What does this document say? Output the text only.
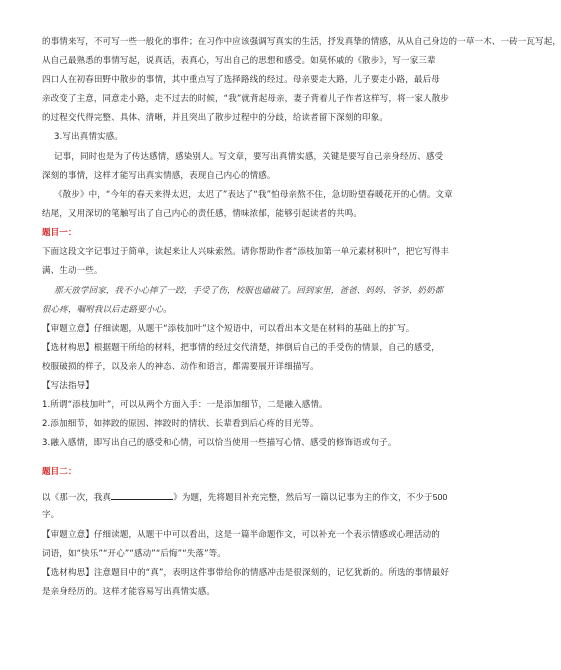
的事情来写，不可写一些一般化的事件；在习作中应该强调写真实的生活，抒发真挚的情感，从从自己身边的一草一木、一砖一瓦写起，
从自己最熟悉的事情写起，说真话，表真心，写出自己的思想和感受。如莫怀戚的《散步》，写一家三辈
四口人在初春田野中散步的事情，其中重点写了选择路线的经过。母亲要走大路，儿子要走小路，最后母
亲改变了主意，同意走小路，走不过去的时候，“我”就背起母亲，妻子背着儿子作者这样写，将一家人散步
的过程交代得完整、具体、清晰，并且突出了散步过程中的分歧，给读者留下深刻的印象。
3.写出真情实感。
记事，同时也是为了传达感情，感染别人。写文章，要写出真情实感，关键是要写自己亲身经历、感受
深刻的事情，这样才能写出真实情感，表现自己内心的情感。
《散步》中，“今年的春天来得太迟，太迟了”表达了“我”怕母亲熬不住，急切盼望春暖花开的心情。文章
结尾，又用深切的笔触写出了自己内心的责任感，情味浓郁，能够引起读者的共鸣。
题目一：
下面这段文字记事过于简单，读起来让人兴味索然。请你帮助作者“添枝加第一单元素材积叶”，把它写得丰
满、生动一些。
那天放学回家，我不小心摔了一跤，手受了伤，校服也磕破了。回到家里，爸爸、妈妈、爷爷、奶奶都
很心疼，嘱咐我以后走路要小心。
【审题立意】仔细读题，从题干“添枝加叶”这个短语中，可以看出本文是在材料的基础上的扩写。
【选材构思】根据题干所给的材料，把事情的经过交代清楚，摔倒后自己的手受伤的情景，自己的感受，
校服破损的样子，以及亲人的神态、动作和语言，都需要展开详细描写。
【写法指导】
1.所谓“添枝加叶”，可以从两个方面入手：一是添加细节，二是融入感情。
2.添加细节，如摔跤的原因、摔跤时的情状、长辈看到后心疼的目光等。
3.融入感情，即写出自己的感受和心情，可以恰当使用一些描写心情、感受的修饰语或句子。
题目二：
以《那一次，我真	》为题，先将题目补充完整，然后写一篇以记事为主的作文，不少于500
字。
【审题立意】仔细读题，从题干中可以看出，这是一篇半命题作文，可以补充一个表示情感或心理活动的
词语，如“快乐”“开心”“感动”“后悔”“失落”等。
【选材构思】注意题目中的“真”，表明这件事带给你的情感冲击是很深刻的，记忆犹新的。所选的事情最好
是亲身经历的。这样才能容易写出真情实感。
